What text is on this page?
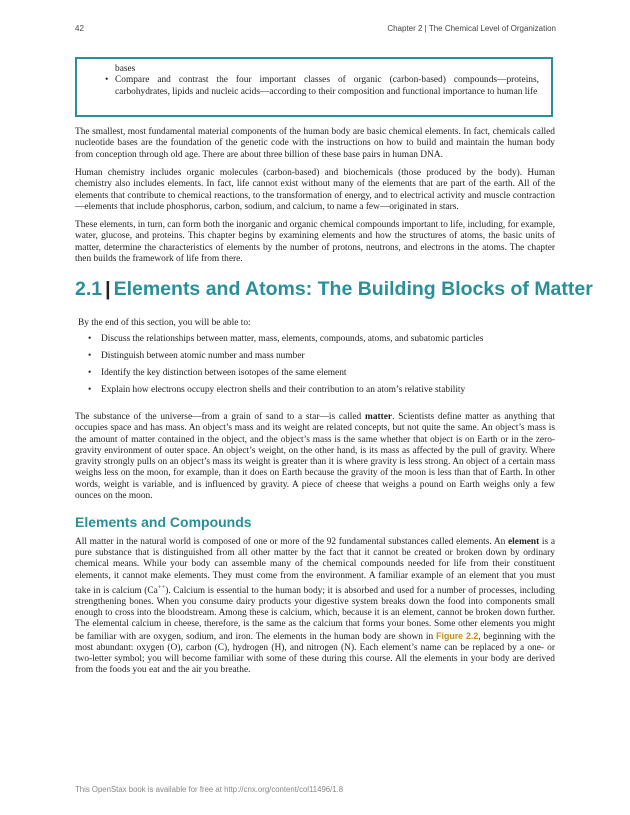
42	Chapter 2 | The Chemical Level of Organization
bases
• Compare and contrast the four important classes of organic (carbon-based) compounds—proteins, carbohydrates, lipids and nucleic acids—according to their composition and functional importance to human life

The smallest, most fundamental material components of the human body are basic chemical elements. In fact, chemicals called nucleotide bases are the foundation of the genetic code with the instructions on how to build and maintain the human body from conception through old age. There are about three billion of these base pairs in human DNA.

Human chemistry includes organic molecules (carbon-based) and biochemicals (those produced by the body). Human chemistry also includes elements. In fact, life cannot exist without many of the elements that are part of the earth. All of the elements that contribute to chemical reactions, to the transformation of energy, and to electrical activity and muscle contraction—elements that include phosphorus, carbon, sodium, and calcium, to name a few—originated in stars.

These elements, in turn, can form both the inorganic and organic chemical compounds important to life, including, for example, water, glucose, and proteins. This chapter begins by examining elements and how the structures of atoms, the basic units of matter, determine the characteristics of elements by the number of protons, neutrons, and electrons in the atoms. The chapter then builds the framework of life from there.

2.1 | Elements and Atoms: The Building Blocks of Matter
By the end of this section, you will be able to:
• Discuss the relationships between matter, mass, elements, compounds, atoms, and subatomic particles
• Distinguish between atomic number and mass number
• Identify the key distinction between isotopes of the same element
• Explain how electrons occupy electron shells and their contribution to an atom’s relative stability

The substance of the universe—from a grain of sand to a star—is called matter. Scientists define matter as anything that occupies space and has mass. An object’s mass and its weight are related concepts, but not quite the same. An object’s mass is the amount of matter contained in the object, and the object’s mass is the same whether that object is on Earth or in the zero-gravity environment of outer space. An object’s weight, on the other hand, is its mass as affected by the pull of gravity. Where gravity strongly pulls on an object’s mass its weight is greater than it is where gravity is less strong. An object of a certain mass weighs less on the moon, for example, than it does on Earth because the gravity of the moon is less than that of Earth. In other words, weight is variable, and is influenced by gravity. A piece of cheese that weighs a pound on Earth weighs only a few ounces on the moon.

Elements and Compounds

All matter in the natural world is composed of one or more of the 92 fundamental substances called elements. An element is a pure substance that is distinguished from all other matter by the fact that it cannot be created or broken down by ordinary chemical means. While your body can assemble many of the chemical compounds needed for life from their constituent elements, it cannot make elements. They must come from the environment. A familiar example of an element that you must take in is calcium (Ca++). Calcium is essential to the human body; it is absorbed and used for a number of processes, including strengthening bones. When you consume dairy products your digestive system breaks down the food into components small enough to cross into the bloodstream. Among these is calcium, which, because it is an element, cannot be broken down further. The elemental calcium in cheese, therefore, is the same as the calcium that forms your bones. Some other elements you might be familiar with are oxygen, sodium, and iron. The elements in the human body are shown in Figure 2.2, beginning with the most abundant: oxygen (O), carbon (C), hydrogen (H), and nitrogen (N). Each element’s name can be replaced by a one- or two-letter symbol; you will become familiar with some of these during this course. All the elements in your body are derived from the foods you eat and the air you breathe.

This OpenStax book is available for free at http://cnx.org/content/col11496/1.8
